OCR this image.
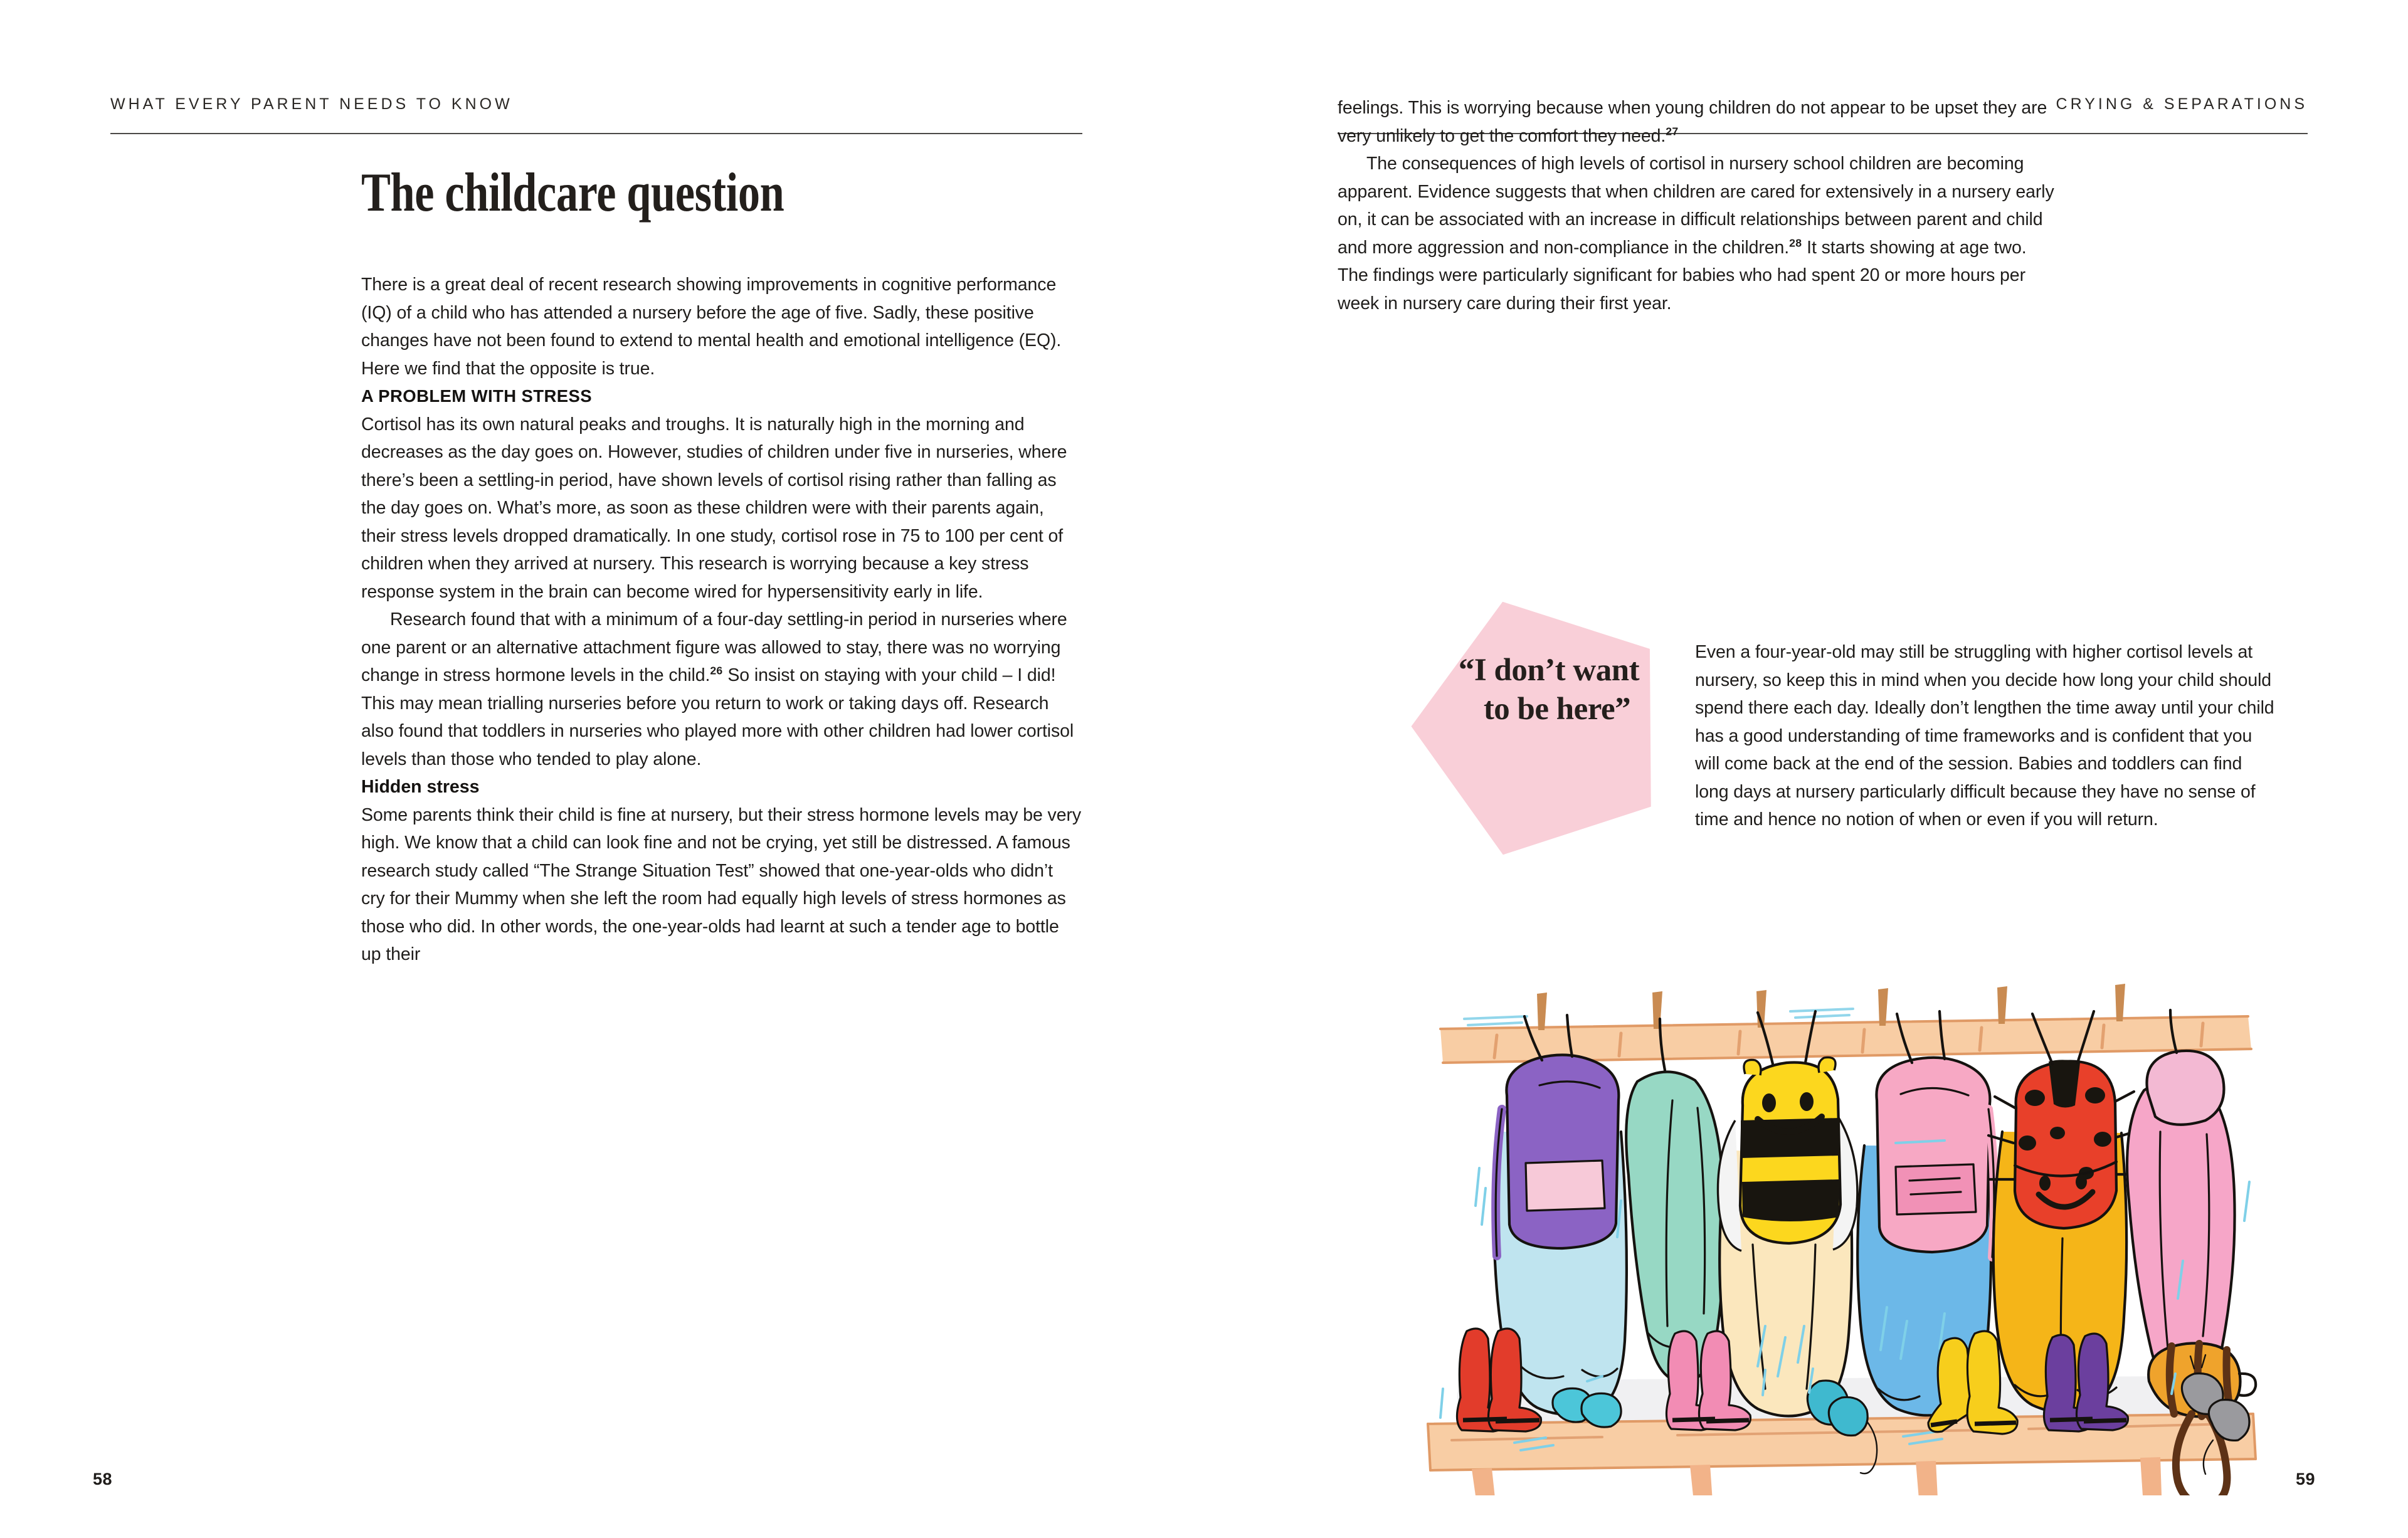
WHAT EVERY PARENT NEEDS TO KNOW
The childcare question

There is a great deal of recent research showing improvements in cognitive performance (IQ) of a child who has attended a nursery before the age of five. Sadly, these positive changes have not been found to extend to mental health and emotional intelligence (EQ). Here we find that the opposite is true.

A PROBLEM WITH STRESS

Cortisol has its own natural peaks and troughs. It is naturally high in the morning and decreases as the day goes on. However, studies of children under five in nurseries, where there’s been a settling-in period, have shown levels of cortisol rising rather than falling as the day goes on. What’s more, as soon as these children were with their parents again, their stress levels dropped dramatically. In one study, cortisol rose in 75 to 100 per cent of children when they arrived at nursery. This research is worrying because a key stress response system in the brain can become wired for hypersensitivity early in life.

Research found that with a minimum of a four-day settling-in period in nurseries where one parent or an alternative attachment figure was allowed to stay, there was no worrying change in stress hormone levels in the child.$^{26}$ So insist on staying with your child – I did! This may mean trialling nurseries before you return to work or taking days off. Research also found that toddlers in nurseries who played more with other children had lower cortisol levels than those who tended to play alone.

Hidden stress

Some parents think their child is fine at nursery, but their stress hormone levels may be very high. We know that a child can look fine and not be crying, yet still be distressed. A famous research study called “The Strange Situation Test” showed that one-year-olds who didn’t cry for their Mummy when she left the room had equally high levels of stress hormones as those who did. In other words, the one-year-olds had learnt at such a tender age to bottle up their

58
CRYING & SEPARATIONS
59

feelings. This is worrying because when young children do not appear to be upset they are very unlikely to get the comfort they need.$^{27}$

The consequences of high levels of cortisol in nursery school children are becoming apparent. Evidence suggests that when children are cared for extensively in a nursery early on, it can be associated with an increase in difficult relationships between parent and child and more aggression and non-compliance in the children.$^{28}$ It starts showing at age two. The findings were particularly significant for babies who had spent 20 or more hours per week in nursery care during their first year.

“I don’t want
to be here”
Even a four-year-old may still be struggling with higher cortisol levels at nursery, so keep this in mind when you decide how long your child should spend there each day. Ideally don’t lengthen the time away until your child has a good understanding of time frameworks and is confident that you will come back at the end of the session. Babies and toddlers can find long days at nursery particularly difficult because they have no sense of time and hence no notion of when or even if you will return.
